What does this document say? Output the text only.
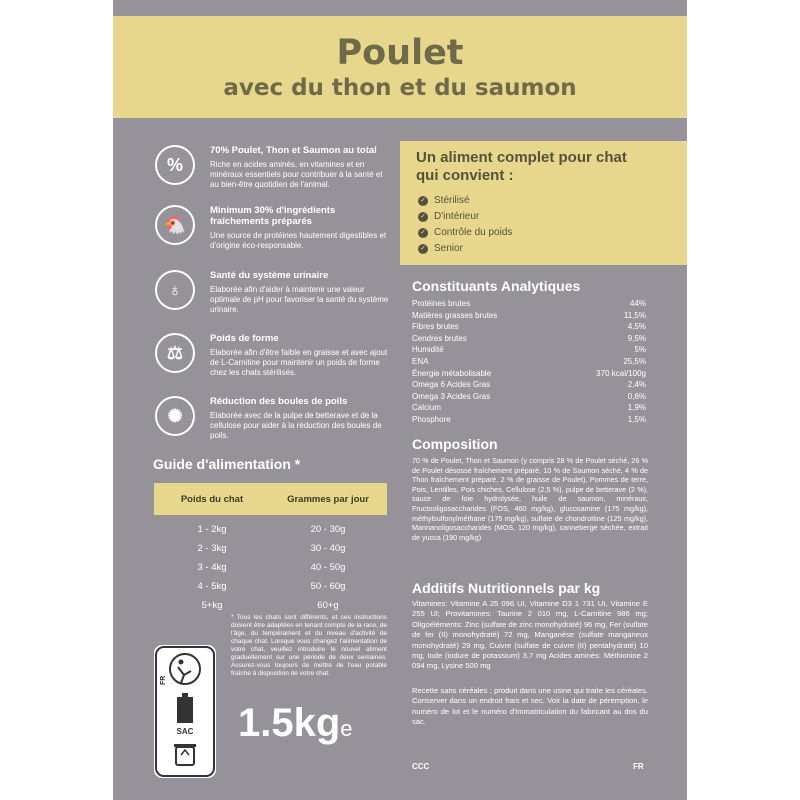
Poulet
avec du thon et du saumon
%
70% Poulet, Thon et Saumon au total
Riche en acides aminés, en vitamines et en minéraux essentiels pour contribuer à la santé et au bien-être quotidien de l'animal.
🐔
Minimum 30% d'ingrédients fraîchements préparés
Une source de protéines hautement digestibles et d'origine éco-responsable.
♁
Santé du système urinaire
Elaborée afin d'aider à maintenir une valeur optimale de pH pour favoriser la santé du système urinaire.
⚖
Poids de forme
Elaborée afin d'être faible en graisse et avec ajout de L-Carnitine pour maintenir un poids de forme chez les chats stérilisés.
✺
Réduction des boules de poils
Elaborée avec de la pulpe de betterave et de la cellulose pour aider à la réduction des boules de poils.
Un aliment complet pour chat qui convient :
✓ Stérilisé
✓ D'intérieur
✓ Contrôle du poids
✓ Senior
Constituants Analytiques
Protéines brutes	44%
Matières grasses brutes	11,5%
Fibres brutes	4,5%
Cendres brutes	9,5%
Humidité	5%
ENA	25,5%
Énergie métabolisable	370 kcal/100g
Omega 6 Acides Gras	2,4%
Omega 3 Acides Gras	0,6%
Calcium	1,9%
Phosphore	1,5%
Composition
70 % de Poulet, Thon et Saumon (y compris 28 % de Poulet séché, 26 % de Poulet désossé fraîchement préparé, 10 % de Saumon séché, 4 % de Thon fraîchement préparé, 2 % de graisse de Poulet), Pommes de terre, Pois, Lentilles, Pois chiches, Cellulose (2,5 %), pulpe de betterave (2 %), sauce de foie hydrolysée, huile de saumon, minéraux, Fructooligosaccharides (FOS, 460 mg/kg), glucosamine (175 mg/kg), méthylsulfonylméthane (175 mg/kg), sulfate de chondroïtine (125 mg/kg), Mannanoligosaccharides (MOS, 120 mg/kg), canneberge séchée, extrait de yucca (190 mg/kg)
Additifs Nutritionnels par kg
Vitamines: Vitamine A 25 096 UI, Vitamine D3 1 731 UI, Vitamine E 255 UI; Provitamines: Taurine 2 010 mg, L-Carnitine 986 mg; Oligoéléments: Zinc (sulfate de zinc monohydraté) 96 mg, Fer (sulfate de fer (II) monohydraté) 72 mg, Manganèse (sulfate manganeux monohydraté) 29 mg, Cuivre (sulfate de cuivre (II) pentahydraté) 10 mg, Iode (iodure de potassium) 3,7 mg Acides aminés: Méthionine 2 094 mg, Lysine 500 mg
Recette sans céréales ; produit dans une usine qui traite les céréales. Conserver dans un endroit frais et sec. Voir la date de péremption, le numéro de lot et le numéro d'immatriculation du fabricant au dos du sac.
Guide d'alimentation *
Poids du chat	Grammes par jour
1 - 2kg	20 - 30g
2 - 3kg	30 - 40g
3 - 4kg	40 - 50g
4 - 5kg	50 - 60g
5+kg	60+g
* Tous les chats sont différents, et ces instructions doivent être adaptées en tenant compte de la race, de l'âge, du tempérament et du niveau d'activité de chaque chat. Lorsque vous changez l'alimentation de votre chat, veuillez introduire le nouvel aliment graduellement sur une période de deux semaines. Assurez-vous toujours de mettre de l'eau potable fraîche à disposition de votre chat.
FR
SAC	1.5kge
CCC	FR
